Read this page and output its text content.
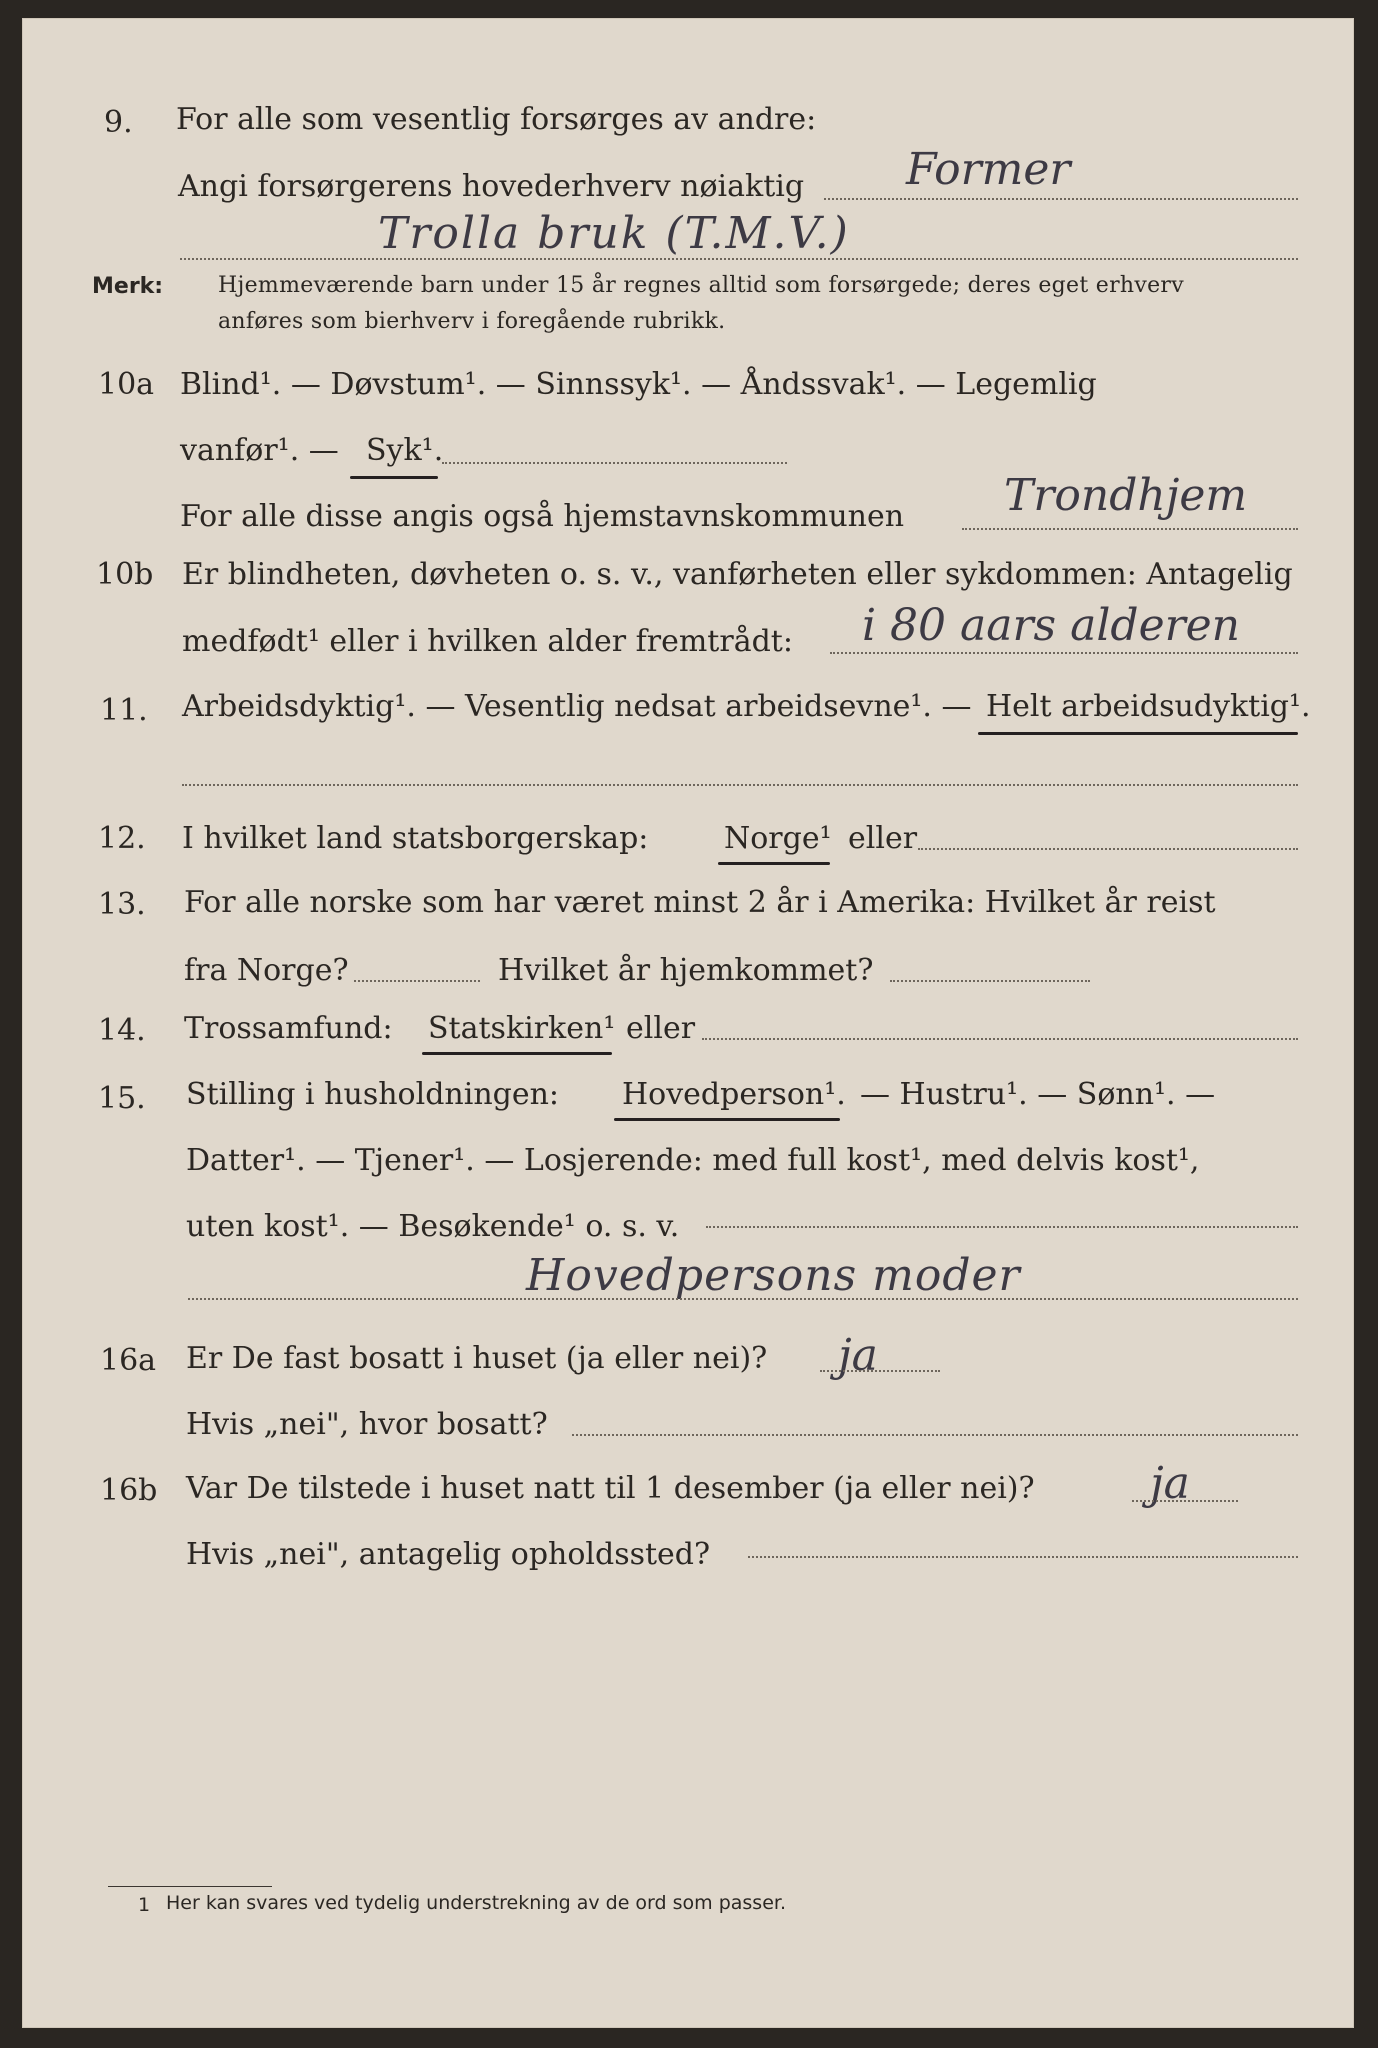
9. For alle som vesentlig forsørges av andre:
Angi forsørgerens hovederhverv nøiaktig Former
Trolla bruk (T.M.V.)
Merk: Hjemmeværende barn under 15 år regnes alltid som forsørgede; deres eget erhverv
anføres som bierhverv i foregående rubrikk.
10a Blind¹. — Døvstum¹. — Sinnssyk¹. — Åndssvak¹. — Legemlig
vanfør¹. — Syk¹.
For alle disse angis også hjemstavnskommunen Trondhjem
10b Er blindheten, døvheten o. s. v., vanførheten eller sykdommen: Antagelig
medfødt¹ eller i hvilken alder fremtrådt: i 80 aars alderen
11. Arbeidsdyktig¹. — Vesentlig nedsat arbeidsevne¹. — Helt arbeidsudyktig¹.
12. I hvilket land statsborgerskap:	Norge¹ eller
13. For alle norske som har været minst 2 år i Amerika: Hvilket år reist
fra Norge?	Hvilket år hjemkommet?
14. Trossamfund: Statskirken¹ eller
15. Stilling i husholdningen: Hovedperson¹. — Hustru¹. — Sønn¹. —
Datter¹. — Tjener¹. — Losjerende: med full kost¹, med delvis kost¹,
uten kost¹. — Besøkende¹ o. s. v.
Hovedpersons moder
16a Er De fast bosatt i huset (ja eller nei)? ja
Hvis „nei", hvor bosatt?
16b Var De tilstede i huset natt til 1 desember (ja eller nei)?	ja
Hvis „nei", antagelig opholdssted?
1 Her kan svares ved tydelig understrekning av de ord som passer.
